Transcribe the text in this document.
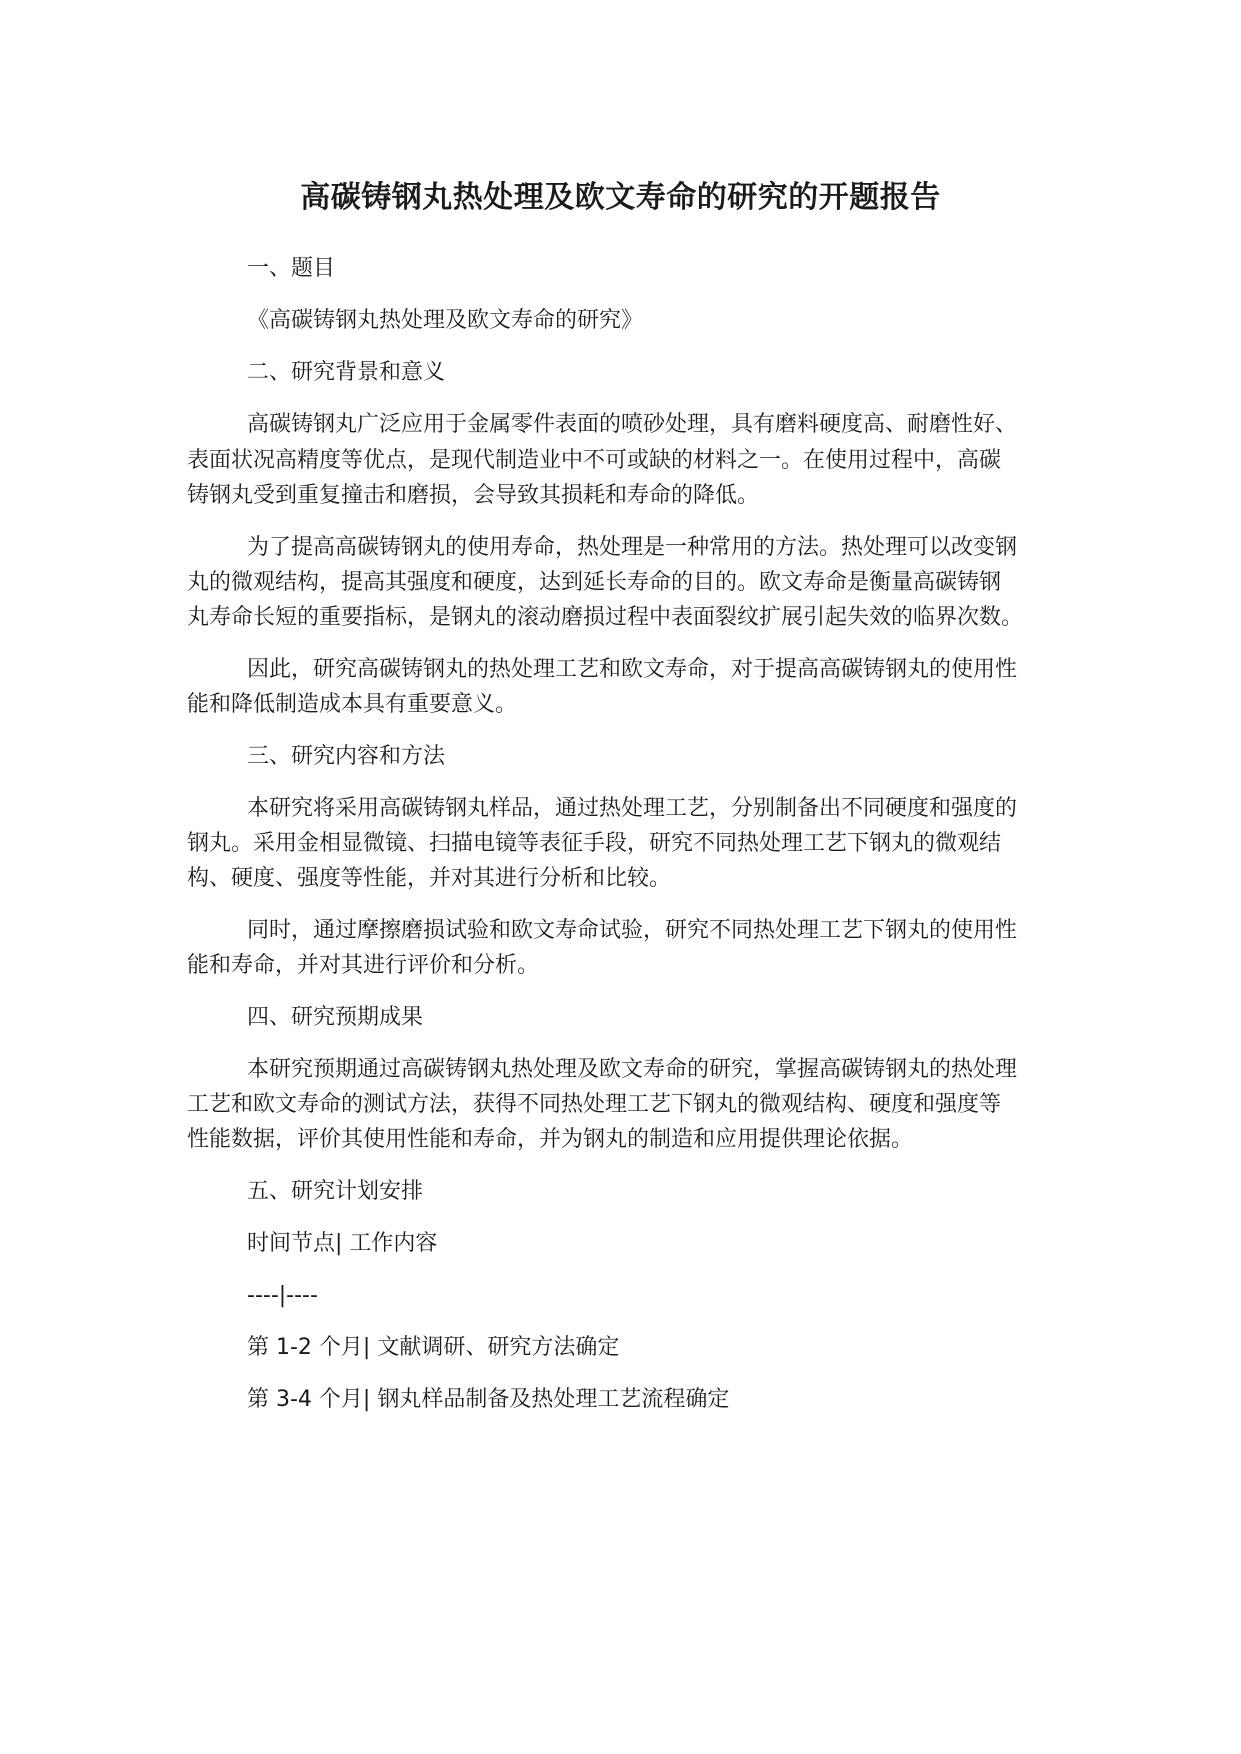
高碳铸钢丸热处理及欧文寿命的研究的开题报告
一、题目
《高碳铸钢丸热处理及欧文寿命的研究》
二、研究背景和意义
高碳铸钢丸广泛应用于金属零件表面的喷砂处理，具有磨料硬度高、耐磨性好、
表面状况高精度等优点，是现代制造业中不可或缺的材料之一。在使用过程中，高碳
铸钢丸受到重复撞击和磨损，会导致其损耗和寿命的降低。
为了提高高碳铸钢丸的使用寿命，热处理是一种常用的方法。热处理可以改变钢
丸的微观结构，提高其强度和硬度，达到延长寿命的目的。欧文寿命是衡量高碳铸钢
丸寿命长短的重要指标，是钢丸的滚动磨损过程中表面裂纹扩展引起失效的临界次数。
因此，研究高碳铸钢丸的热处理工艺和欧文寿命，对于提高高碳铸钢丸的使用性
能和降低制造成本具有重要意义。
三、研究内容和方法
本研究将采用高碳铸钢丸样品，通过热处理工艺，分别制备出不同硬度和强度的
钢丸。采用金相显微镜、扫描电镜等表征手段，研究不同热处理工艺下钢丸的微观结
构、硬度、强度等性能，并对其进行分析和比较。
同时，通过摩擦磨损试验和欧文寿命试验，研究不同热处理工艺下钢丸的使用性
能和寿命，并对其进行评价和分析。
四、研究预期成果
本研究预期通过高碳铸钢丸热处理及欧文寿命的研究，掌握高碳铸钢丸的热处理
工艺和欧文寿命的测试方法，获得不同热处理工艺下钢丸的微观结构、硬度和强度等
性能数据，评价其使用性能和寿命，并为钢丸的制造和应用提供理论依据。
五、研究计划安排
时间节点| 工作内容
----|----
第 1-2 个月| 文献调研、研究方法确定
第 3-4 个月| 钢丸样品制备及热处理工艺流程确定
